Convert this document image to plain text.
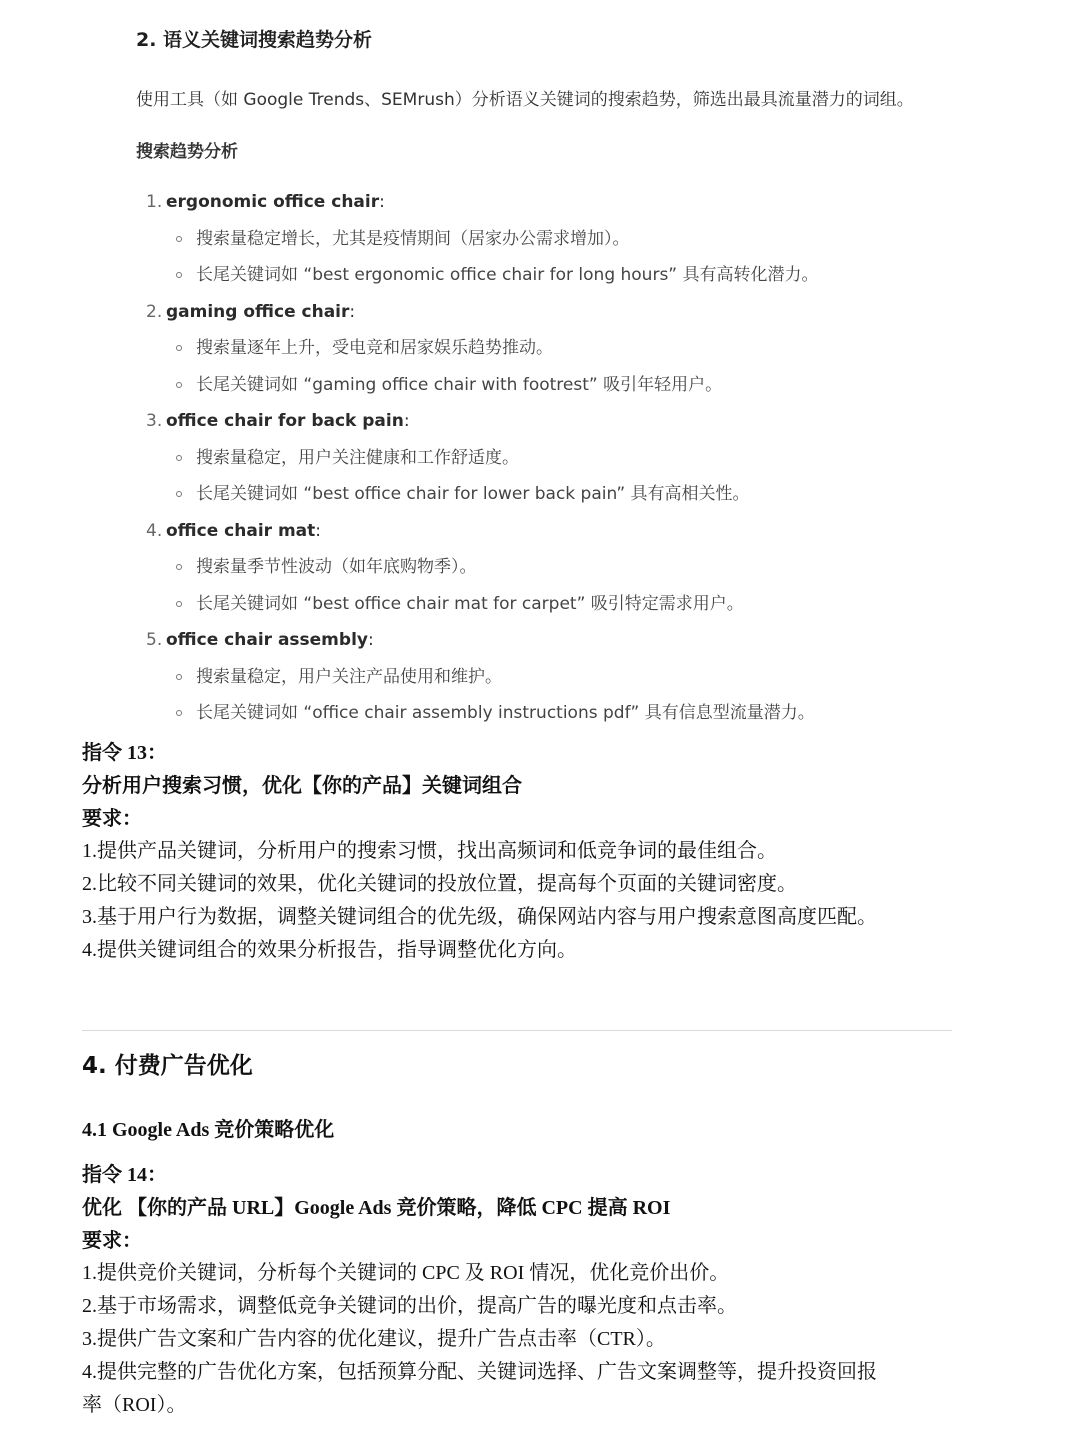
2. 语义关键词搜索趋势分析
使用工具（如 Google Trends、SEMrush）分析语义关键词的搜索趋势，筛选出最具流量潜力的词组。
搜索趋势分析
1. ergonomic office chair:
搜索量稳定增长，尤其是疫情期间（居家办公需求增加）。
长尾关键词如 “best ergonomic office chair for long hours” 具有高转化潜力。
2. gaming office chair:
搜索量逐年上升，受电竞和居家娱乐趋势推动。
长尾关键词如 “gaming office chair with footrest” 吸引年轻用户。
3. office chair for back pain:
搜索量稳定，用户关注健康和工作舒适度。
长尾关键词如 “best office chair for lower back pain” 具有高相关性。
4. office chair mat:
搜索量季节性波动（如年底购物季）。
长尾关键词如 “best office chair mat for carpet” 吸引特定需求用户。
5. office chair assembly:
搜索量稳定，用户关注产品使用和维护。
长尾关键词如 “office chair assembly instructions pdf” 具有信息型流量潜力。
指令 13：
分析用户搜索习惯，优化【你的产品】关键词组合
要求：
1.提供产品关键词，分析用户的搜索习惯，找出高频词和低竞争词的最佳组合。
2.比较不同关键词的效果，优化关键词的投放位置，提高每个页面的关键词密度。
3.基于用户行为数据，调整关键词组合的优先级，确保网站内容与用户搜索意图高度匹配。
4.提供关键词组合的效果分析报告，指导调整优化方向。
4. 付费广告优化
4.1 Google Ads 竞价策略优化
指令 14：
优化 【你的产品 URL】Google Ads 竞价策略，降低 CPC 提高 ROI
要求：
1.提供竞价关键词，分析每个关键词的 CPC 及 ROI 情况，优化竞价出价。
2.基于市场需求，调整低竞争关键词的出价，提高广告的曝光度和点击率。
3.提供广告文案和广告内容的优化建议，提升广告点击率（CTR）。
4.提供完整的广告优化方案，包括预算分配、关键词选择、广告文案调整等，提升投资回报
率（ROI）。
